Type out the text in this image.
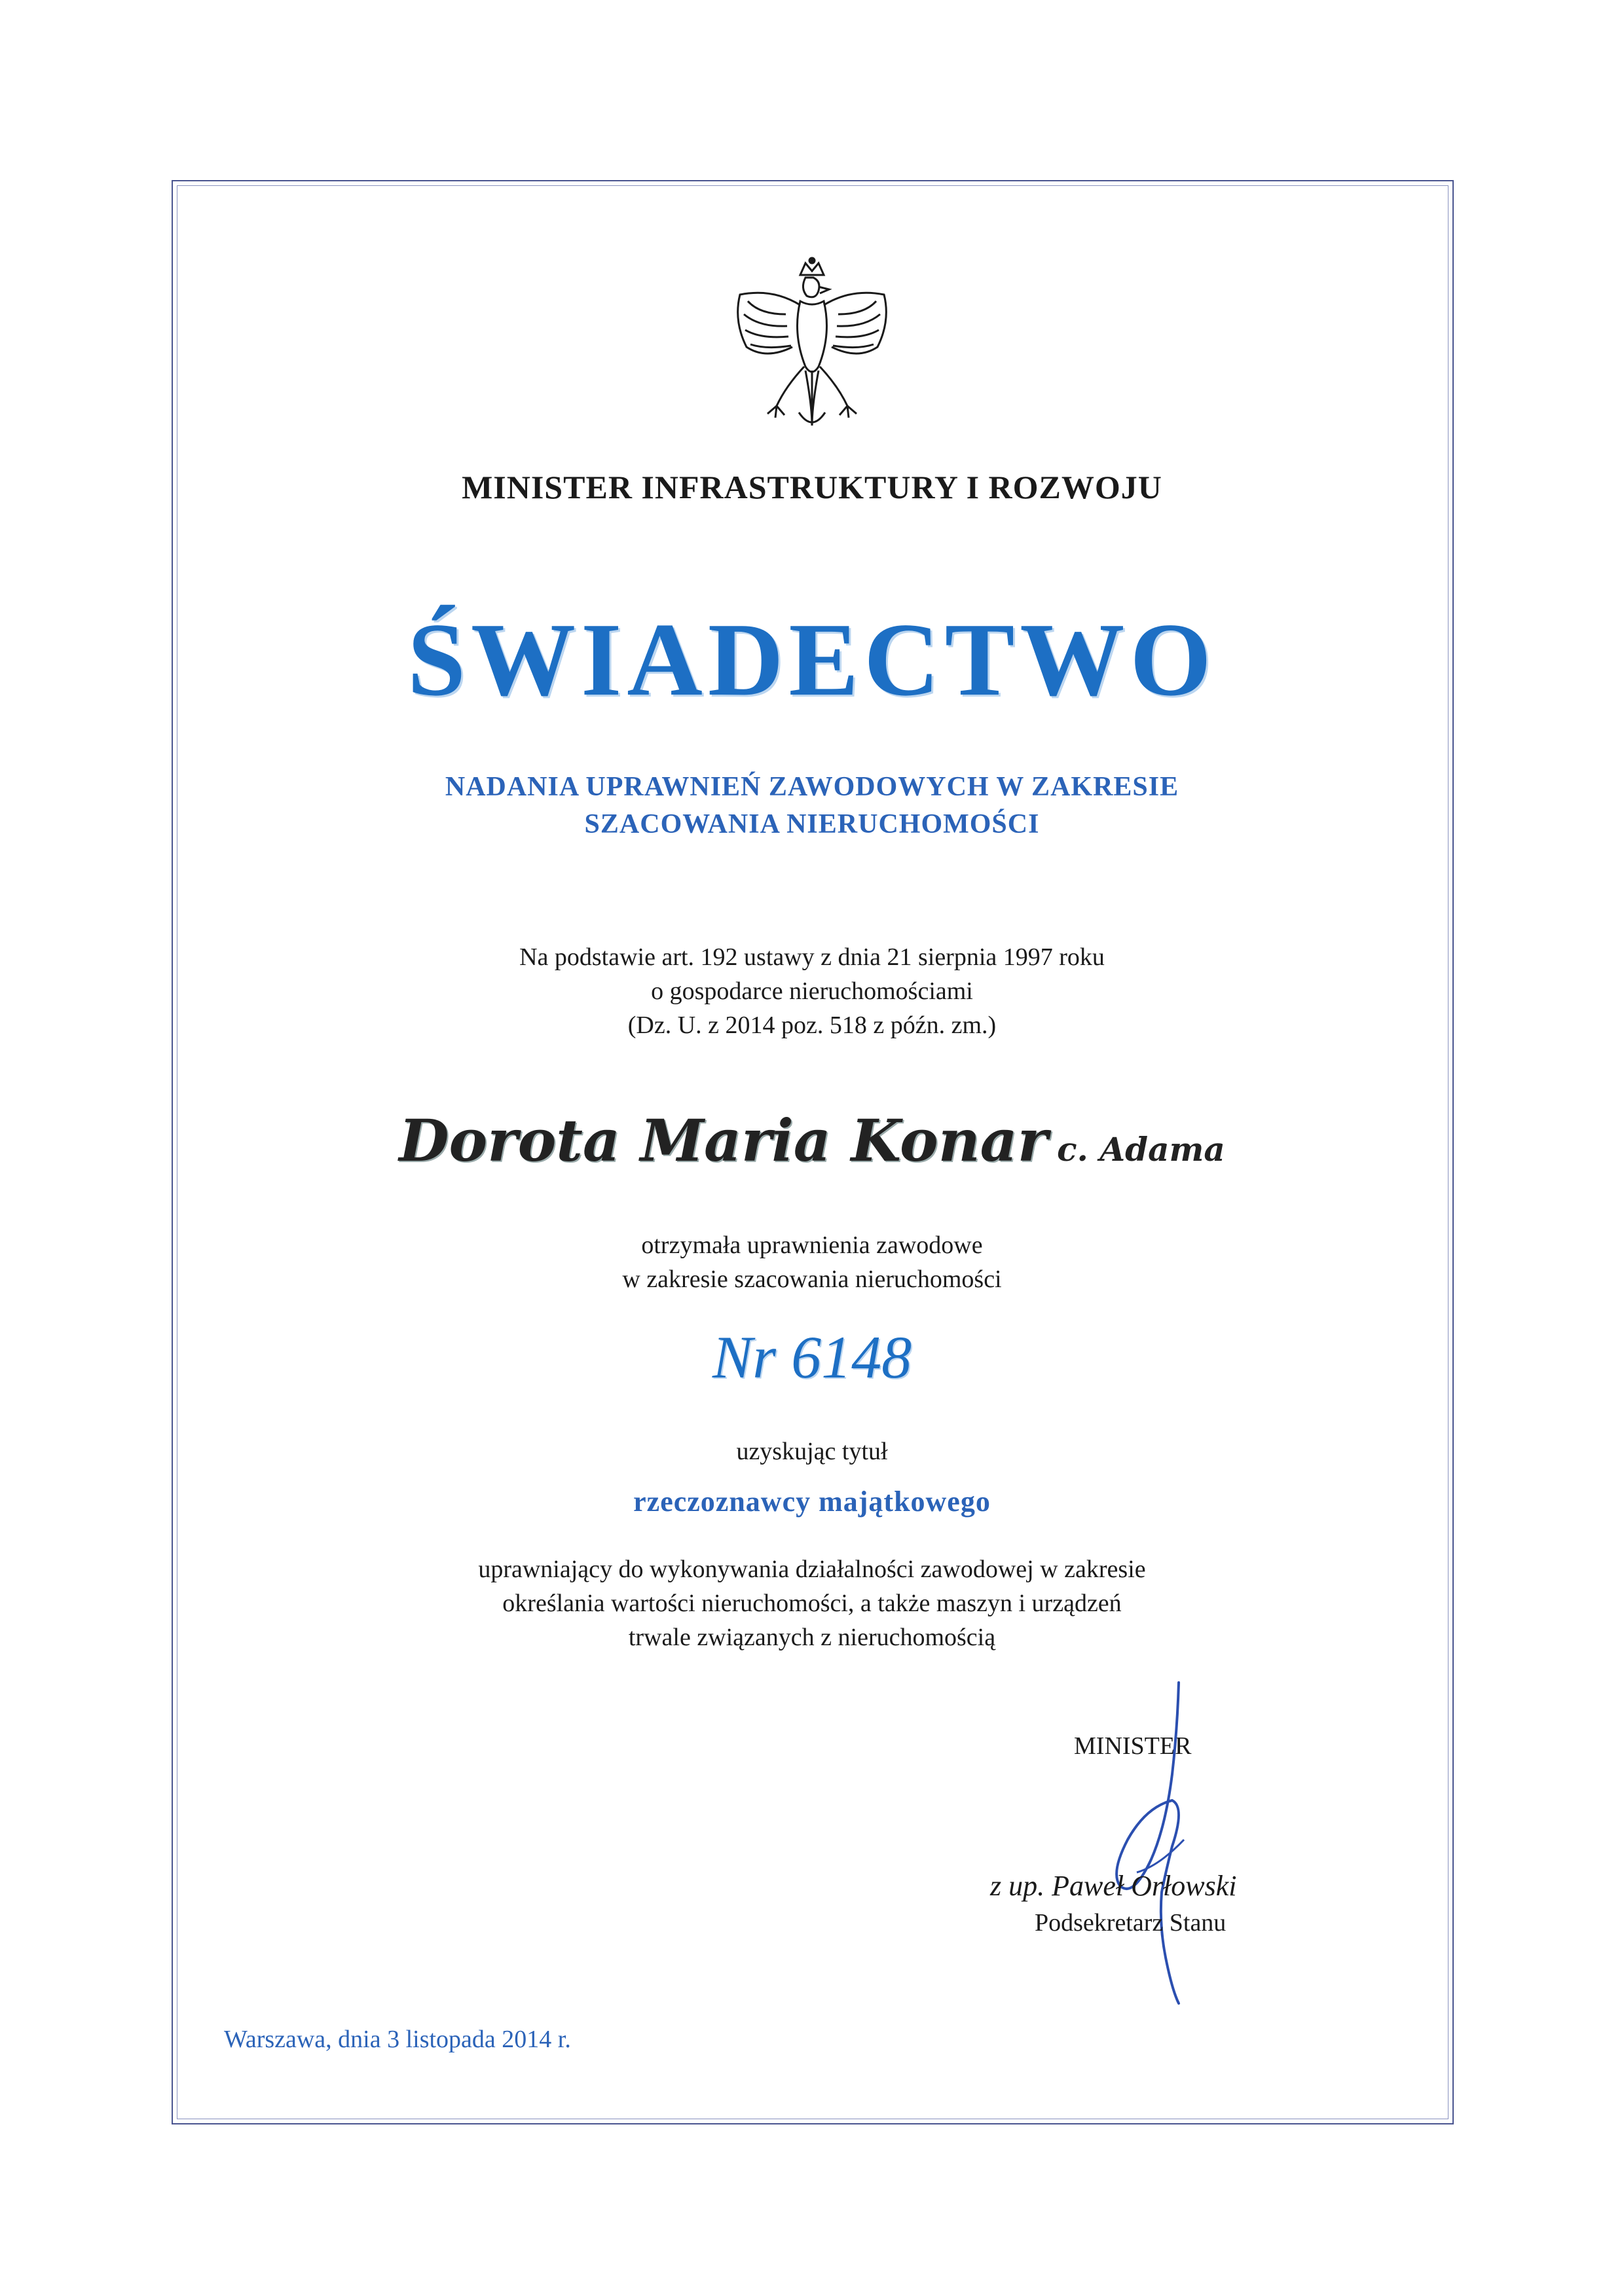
MINISTER INFRASTRUKTURY I ROZWOJU
ŚWIADECTWO
NADANIA UPRAWNIEŃ ZAWODOWYCH W ZAKRESIE
SZACOWANIA NIERUCHOMOŚCI
Na podstawie art. 192 ustawy z dnia 21 sierpnia 1997 roku
o gospodarce nieruchomościami
(Dz. U. z 2014 poz. 518 z późn. zm.)
Dorota Maria Konar c. Adama
otrzymała uprawnienia zawodowe
w zakresie szacowania nieruchomości
Nr 6148
uzyskując tytuł
rzeczoznawcy majątkowego
uprawniający do wykonywania działalności zawodowej w zakresie
określania wartości nieruchomości, a także maszyn i urządzeń
trwale związanych z nieruchomością
MINISTER
z up. Paweł Orłowski
Podsekretarz Stanu
Warszawa, dnia 3 listopada 2014 r.
